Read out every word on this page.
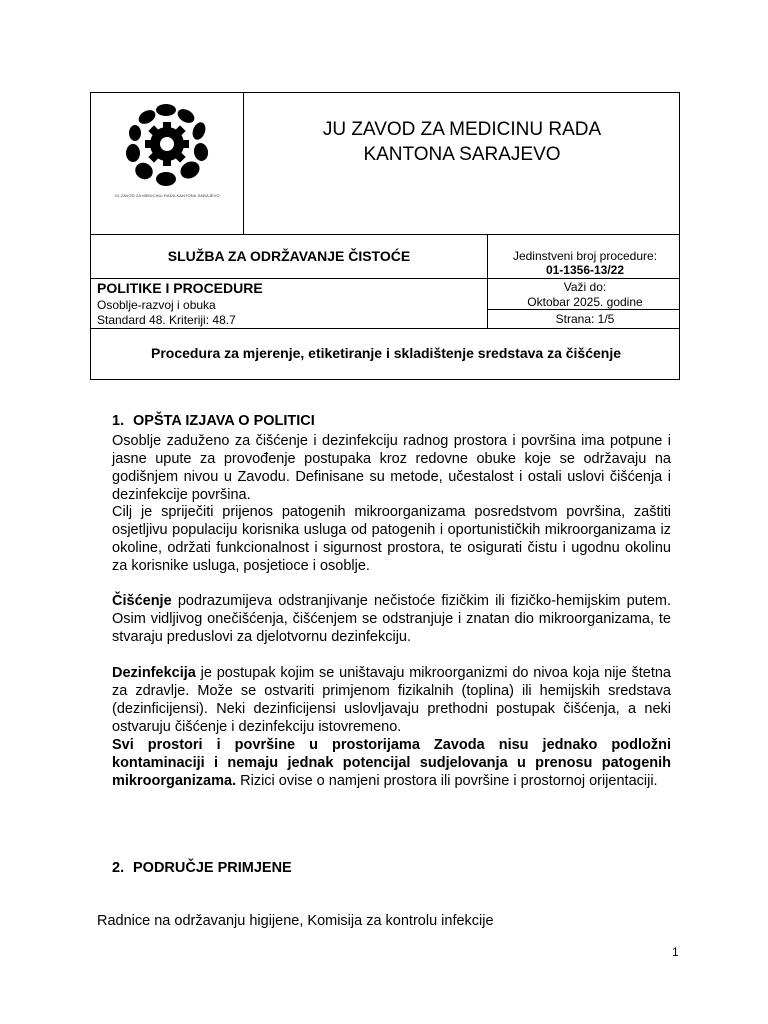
JU ZAVOD ZA MEDICINU RADA KANTONA SARAJEVO
JU ZAVOD ZA MEDICINU RADA
KANTONA SARAJEVO
SLUŽBA ZA ODRŽAVANJE ČISTOĆE	Jedinstveni broj procedure:
01-1356-13/22
POLITIKE I PROCEDURE
Osoblje-razvoj i obuka
Standard 48. Kriteriji: 48.7
Važi do:
Oktobar 2025. godine
Strana: 1/5
Procedura za mjerenje, etiketiranje i skladištenje sredstava za čišćenje
1. OPŠTA IZJAVA O POLITICI
Osoblje zaduženo za čišćenje i dezinfekciju radnog prostora i površina ima potpune i jasne upute za provođenje postupaka kroz redovne obuke koje se održavaju na godišnjem nivou u Zavodu. Definisane su metode, učestalost i ostali uslovi čišćenja i dezinfekcije površina.
Cilj je spriječiti prijenos patogenih mikroorganizama posredstvom površina, zaštiti osjetljivu populaciju korisnika usluga od patogenih i oportunističkih mikroorganizama iz okoline, održati funkcionalnost i sigurnost prostora, te osigurati čistu i ugodnu okolinu za korisnike usluga, posjetioce i osoblje.
Čišćenje podrazumijeva odstranjivanje nečistoće fizičkim ili fizičko-hemijskim putem. Osim vidljivog onečišćenja, čišćenjem se odstranjuje i znatan dio mikroorganizama, te stvaraju preduslovi za djelotvornu dezinfekciju.
Dezinfekcija je postupak kojim se uništavaju mikroorganizmi do nivoa koja nije štetna za zdravlje. Može se ostvariti primjenom fizikalnih (toplina) ili hemijskih sredstava (dezinficijensi). Neki dezinficijensi uslovljavaju prethodni postupak čišćenja, a neki ostvaruju čišćenje i dezinfekciju istovremeno.
Svi prostori i površine u prostorijama Zavoda nisu jednako podložni kontaminaciji i nemaju jednak potencijal sudjelovanja u prenosu patogenih mikroorganizama. Rizici ovise o namjeni prostora ili površine i prostornoj orijentaciji.
2. PODRUČJE PRIMJENE
Radnice na održavanju higijene, Komisija za kontrolu infekcije
1
